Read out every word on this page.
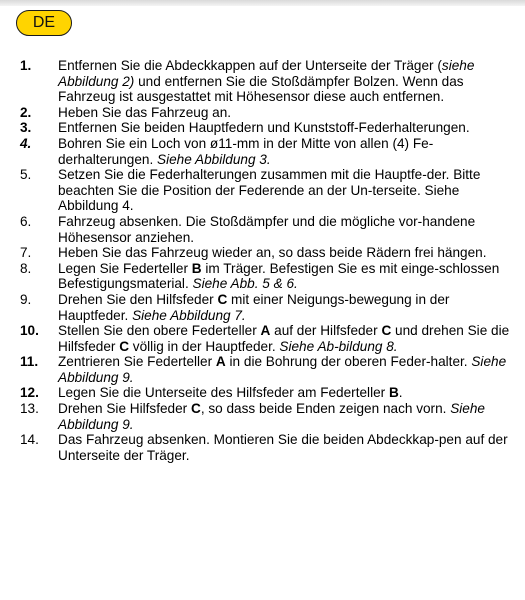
DE
1.	Entfernen Sie die Abdeckkappen auf der Unterseite der Träger (siehe Abbildung 2) und entfernen Sie die Stoßdämpfer Bolzen. Wenn das Fahrzeug ist ausgestattet mit Höhesensor diese auch entfernen.
2.	Heben Sie das Fahrzeug an.
3.	Entfernen Sie beiden Hauptfedern und Kunststoff-Federhalterungen.
4.	Bohren Sie ein Loch von ø11-mm in der Mitte von allen (4) Fe-derhalterungen. Siehe Abbildung 3.
5.	Setzen Sie die Federhalterungen zusammen mit die Hauptfe-der. Bitte beachten Sie die Position der Federende an der Un-terseite. Siehe Abbildung 4.
6.	Fahrzeug absenken. Die Stoßdämpfer und die mögliche vor-handene Höhesensor anziehen.
7.	Heben Sie das Fahrzeug wieder an, so dass beide Rädern frei hängen.
8.	Legen Sie Federteller B im Träger. Befestigen Sie es mit einge-schlossen Befestigungsmaterial. Siehe Abb. 5 & 6.
9.	Drehen Sie den Hilfsfeder C mit einer Neigungs-bewegung in der Hauptfeder. Siehe Abbildung 7.
10.	Stellen Sie den obere Federteller A auf der Hilfsfeder C und drehen Sie die Hilfsfeder C völlig in der Hauptfeder. Siehe Ab-bildung 8.
11.	Zentrieren Sie Federteller A in die Bohrung der oberen Feder-halter. Siehe Abbildung 9.
12.	Legen Sie die Unterseite des Hilfsfeder am Federteller B.
13.	Drehen Sie Hilfsfeder C, so dass beide Enden zeigen nach vorn. Siehe Abbildung 9.
14.	Das Fahrzeug absenken. Montieren Sie die beiden Abdeckkap-pen auf der Unterseite der Träger.
